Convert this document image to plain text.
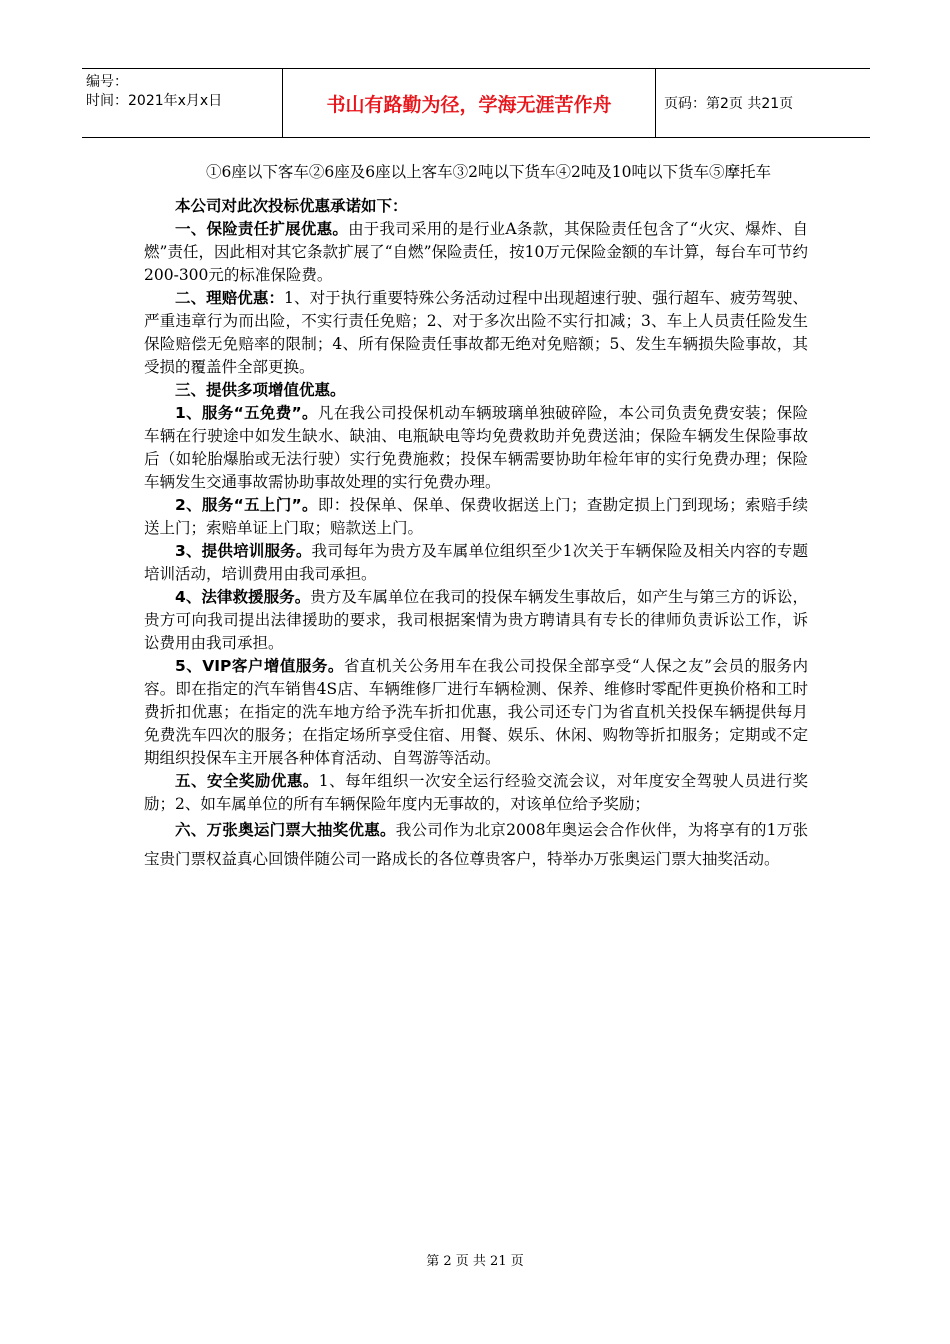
编号：
时间：2021年x月x日	书山有路勤为径，学海无涯苦作舟	页码：第2页 共21页

①6座以下客车②6座及6座以上客车③2吨以下货车④2吨及10吨以下货车⑤摩托车

本公司对此次投标优惠承诺如下：

一、保险责任扩展优惠。由于我司采用的是行业A条款，其保险责任包含了“火灾、爆炸、自燃”责任，因此相对其它条款扩展了“自燃”保险责任，按10万元保险金额的车计算，每台车可节约200-300元的标准保险费。

二、理赔优惠：1、对于执行重要特殊公务活动过程中出现超速行驶、强行超车、疲劳驾驶、严重违章行为而出险，不实行责任免赔；2、对于多次出险不实行扣减；3、车上人员责任险发生保险赔偿无免赔率的限制；4、所有保险责任事故都无绝对免赔额；5、发生车辆损失险事故，其受损的覆盖件全部更换。

三、提供多项增值优惠。

1、服务“五免费”。凡在我公司投保机动车辆玻璃单独破碎险，本公司负责免费安装；保险车辆在行驶途中如发生缺水、缺油、电瓶缺电等均免费救助并免费送油；保险车辆发生保险事故后（如轮胎爆胎或无法行驶）实行免费施救；投保车辆需要协助年检年审的实行免费办理；保险车辆发生交通事故需协助事故处理的实行免费办理。

2、服务“五上门”。即：投保单、保单、保费收据送上门；查勘定损上门到现场；索赔手续送上门；索赔单证上门取；赔款送上门。

3、提供培训服务。我司每年为贵方及车属单位组织至少1次关于车辆保险及相关内容的专题培训活动，培训费用由我司承担。

4、法律救援服务。贵方及车属单位在我司的投保车辆发生事故后，如产生与第三方的诉讼，贵方可向我司提出法律援助的要求，我司根据案情为贵方聘请具有专长的律师负责诉讼工作，诉讼费用由我司承担。

5、VIP客户增值服务。省直机关公务用车在我公司投保全部享受“人保之友”会员的服务内容。即在指定的汽车销售4S店、车辆维修厂进行车辆检测、保养、维修时零配件更换价格和工时费折扣优惠；在指定的洗车地方给予洗车折扣优惠，我公司还专门为省直机关投保车辆提供每月免费洗车四次的服务；在指定场所享受住宿、用餐、娱乐、休闲、购物等折扣服务；定期或不定期组织投保车主开展各种体育活动、自驾游等活动。

五、安全奖励优惠。1、每年组织一次安全运行经验交流会议，对年度安全驾驶人员进行奖励；2、如车属单位的所有车辆保险年度内无事故的，对该单位给予奖励；

六、万张奥运门票大抽奖优惠。我公司作为北京2008年奥运会合作伙伴，为将享有的1万张宝贵门票权益真心回馈伴随公司一路成长的各位尊贵客户，特举办万张奥运门票大抽奖活动。

第 2 页 共 21 页
